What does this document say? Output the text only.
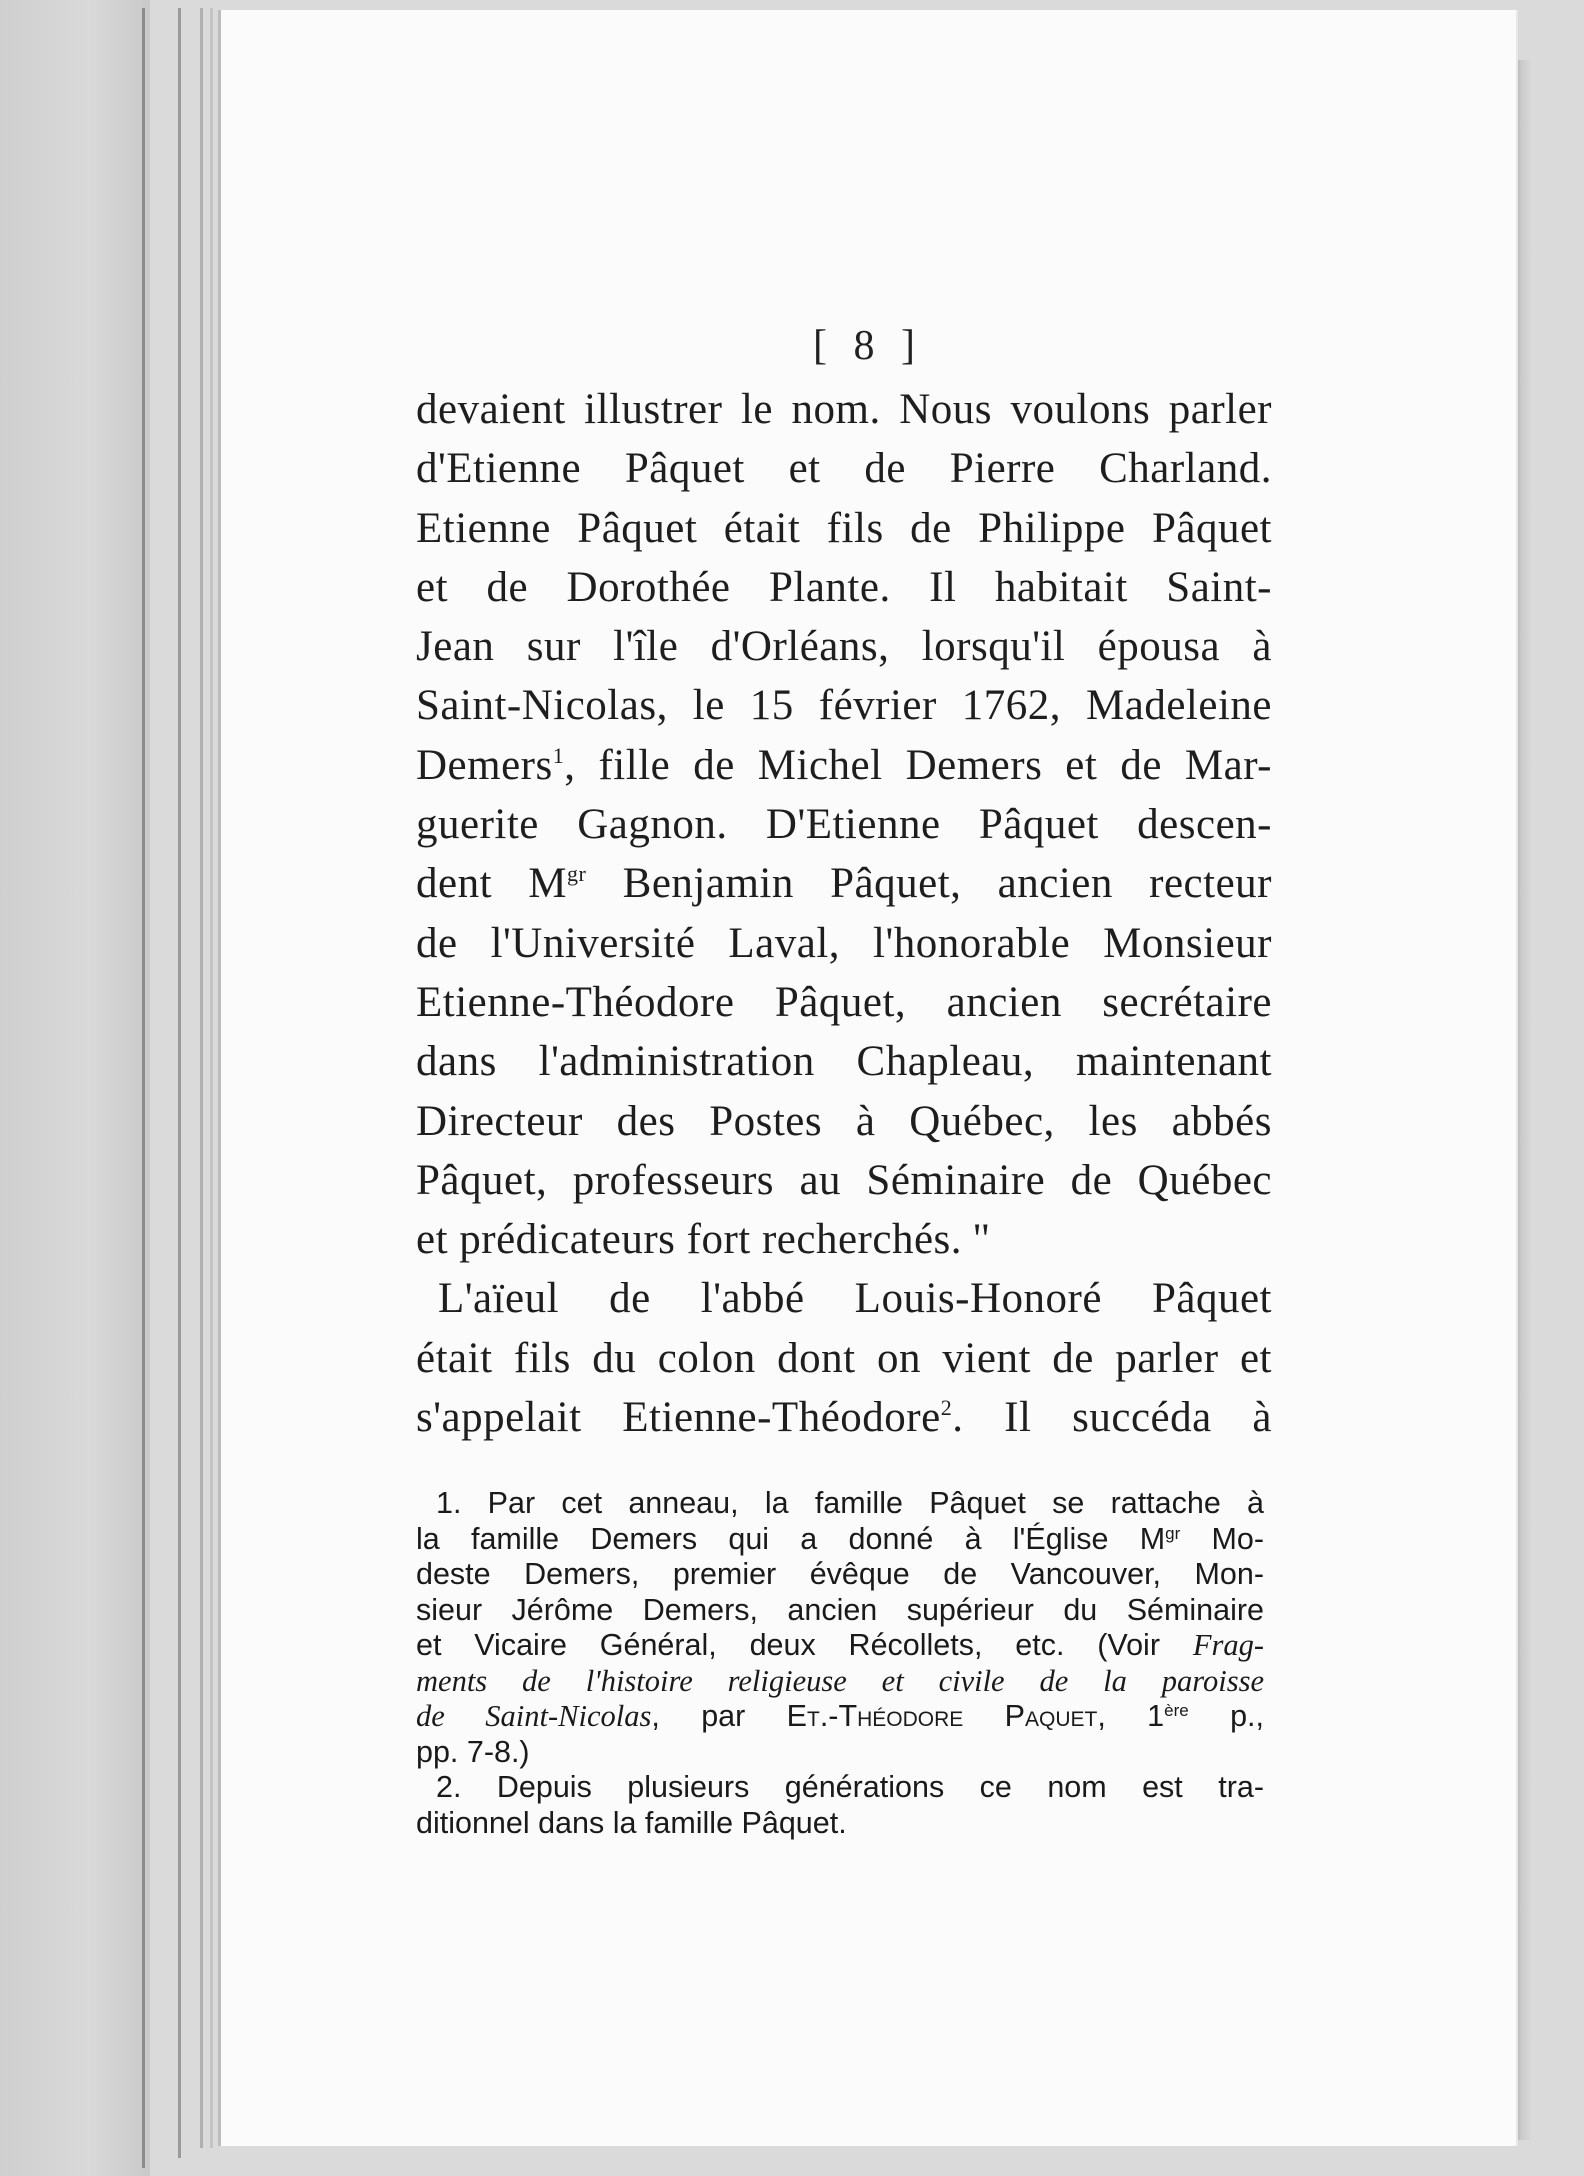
[ 8 ]
devaient illustrer le nom. Nous voulons parler
d'Etienne Pâquet et de Pierre Charland.
Etienne Pâquet était fils de Philippe Pâquet
et de Dorothée Plante. Il habitait Saint-
Jean sur l'île d'Orléans, lorsqu'il épousa à
Saint-Nicolas, le 15 février 1762, Madeleine
Demers$^1$, fille de Michel Demers et de Mar-
guerite Gagnon. D'Etienne Pâquet descen-
dent $M^{gr}$ Benjamin Pâquet, ancien recteur
de l'Université Laval, l'honorable Monsieur
Etienne-Théodore Pâquet, ancien secrétaire
dans l'administration Chapleau, maintenant
Directeur des Postes à Québec, les abbés
Pâquet, professeurs au Séminaire de Québec
et prédicateurs fort recherchés. ''
L'aïeul de l'abbé Louis-Honoré Pâquet
était fils du colon dont on vient de parler et
s'appelait Etienne-Théodore$^2$. Il succéda à
1. Par cet anneau, la famille Pâquet se rattache à
la famille Demers qui a donné à l'Église $M^{gr}$ Mo-
deste Demers, premier évêque de Vancouver, Mon-
sieur Jérôme Demers, ancien supérieur du Séminaire
et Vicaire Général, deux Récollets, etc. (Voir Frag-
ments de l'histoire religieuse et civile de la paroisse
de Saint-Nicolas, par Et.-Théodore Paquet, 1ère p.,
pp. 7-8.)
2. Depuis plusieurs générations ce nom est tra-
ditionnel dans la famille Pâquet.
